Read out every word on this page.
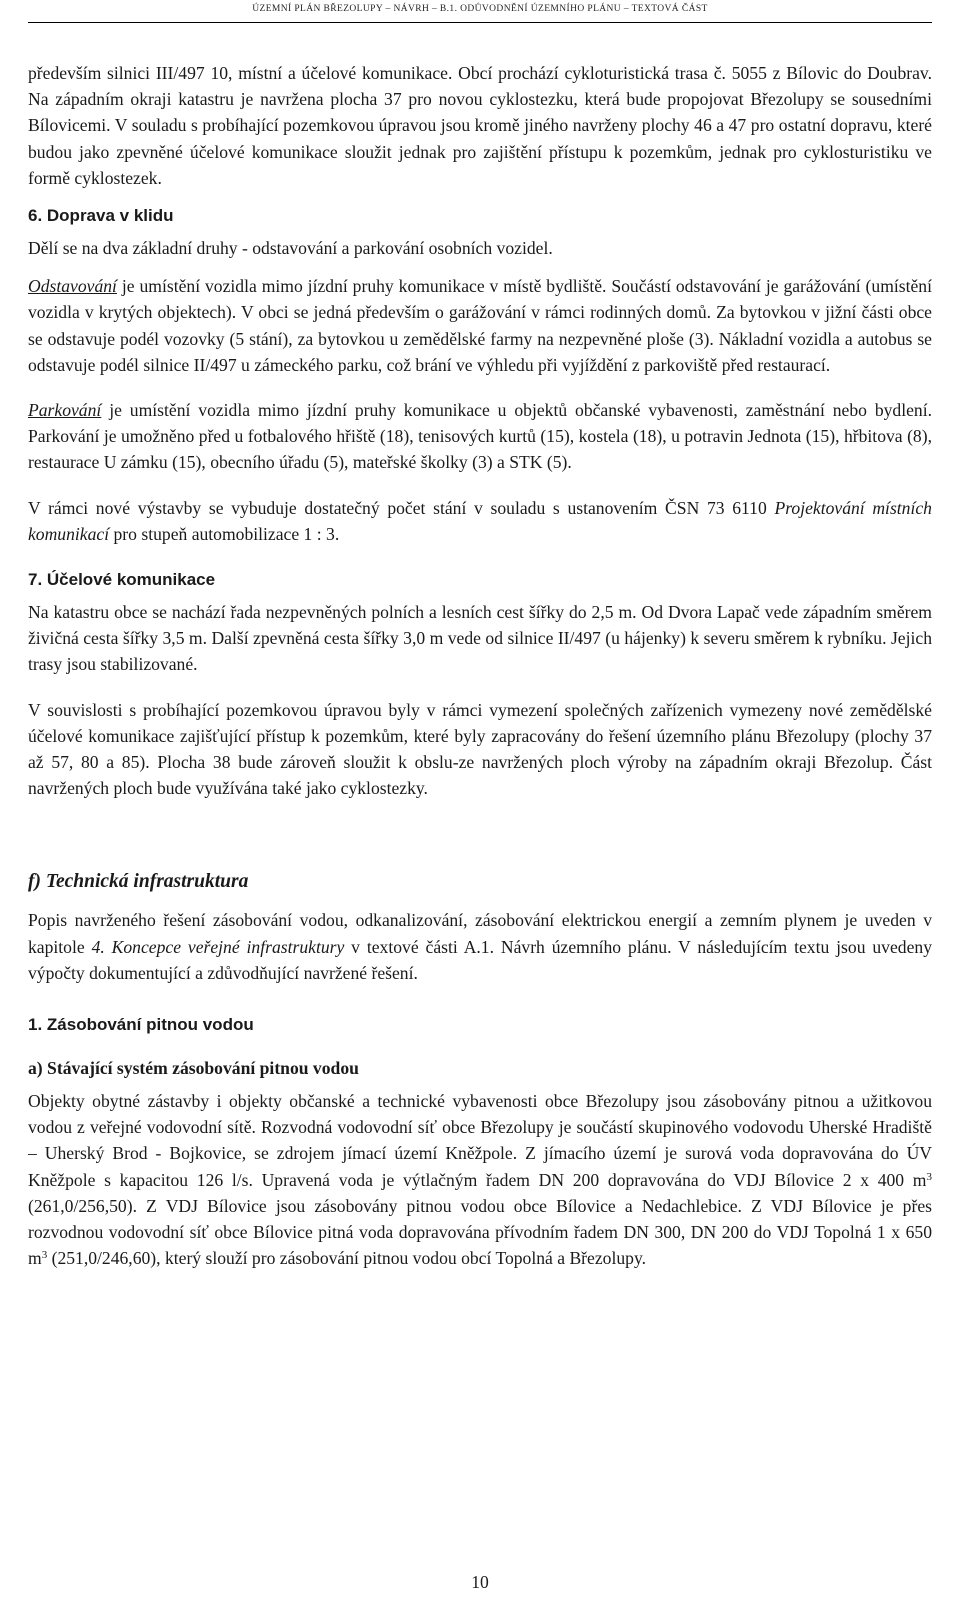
ÚZEMNÍ PLÁN BŘEZOLUPY – NÁVRH – B.1. ODŮVODNĚNÍ ÚZEMNÍHO PLÁNU – TEXTOVÁ ČÁST

především silnici III/497 10, místní a účelové komunikace. Obcí prochází cykloturistická trasa č. 5055 z Bílovic do Doubrav. Na západním okraji katastru je navržena plocha 37 pro novou cyklostezku, která bude propojovat Březolupy se sousedními Bílovicemi. V souladu s probíhající pozemkovou úpravou jsou kromě jiného navrženy plochy 46 a 47 pro ostatní dopravu, které budou jako zpevněné účelové komunikace sloužit jednak pro zajištění přístupu k pozemkům, jednak pro cyklosturistiku ve formě cyklostezek.

6. Doprava v klidu

Dělí se na dva základní druhy - odstavování a parkování osobních vozidel.

Odstavování je umístění vozidla mimo jízdní pruhy komunikace v místě bydliště. Součástí odstavování je garážování (umístění vozidla v krytých objektech). V obci se jedná především o garážování v rámci rodinných domů. Za bytovkou v jižní části obce se odstavuje podél vozovky (5 stání), za bytovkou u zemědělské farmy na nezpevněné ploše (3). Nákladní vozidla a autobus se odstavuje podél silnice II/497 u zámeckého parku, což brání ve výhledu při vyjíždění z parkoviště před restaurací.

Parkování je umístění vozidla mimo jízdní pruhy komunikace u objektů občanské vybavenosti, zaměstnání nebo bydlení. Parkování je umožněno před u fotbalového hřiště (18), tenisových kurtů (15), kostela (18), u potravin Jednota (15), hřbitova (8), restaurace U zámku (15), obecního úřadu (5), mateřské školky (3) a STK (5).

V rámci nové výstavby se vybuduje dostatečný počet stání v souladu s ustanovením ČSN 73 6110 Projektování místních komunikací pro stupeň automobilizace 1 : 3.

7. Účelové komunikace

Na katastru obce se nachází řada nezpevněných polních a lesních cest šířky do 2,5 m. Od Dvora Lapač vede západním směrem živičná cesta šířky 3,5 m. Další zpevněná cesta šířky 3,0 m vede od silnice II/497 (u hájenky) k severu směrem k rybníku. Jejich trasy jsou stabilizované.

V souvislosti s probíhající pozemkovou úpravou byly v rámci vymezení společných zařízenich vymezeny nové zemědělské účelové komunikace zajišťující přístup k pozemkům, které byly zapracovány do řešení územního plánu Březolupy (plochy 37 až 57, 80 a 85). Plocha 38 bude zároveň sloužit k obslu-ze navržených ploch výroby na západním okraji Březolup. Část navržených ploch bude využívána také jako cyklostezky.

f) Technická infrastruktura

Popis navrženého řešení zásobování vodou, odkanalizování, zásobování elektrickou energií a zemním plynem je uveden v kapitole 4. Koncepce veřejné infrastruktury v textové části A.1. Návrh územního plánu. V následujícím textu jsou uvedeny výpočty dokumentující a zdůvodňující navržené řešení.

1. Zásobování pitnou vodou
a) Stávající systém zásobování pitnou vodou

Objekty obytné zástavby i objekty občanské a technické vybavenosti obce Březolupy jsou zásobovány pitnou a užitkovou vodou z veřejné vodovodní sítě. Rozvodná vodovodní síť obce Březolupy je součástí skupinového vodovodu Uherské Hradiště – Uherský Brod - Bojkovice, se zdrojem jímací území Kněžpole. Z jímacího území je surová voda dopravována do ÚV Kněžpole s kapacitou 126 l/s. Upravená voda je výtlačným řadem DN 200 dopravována do VDJ Bílovice 2 x 400 $m^3$ (261,0/256,50). Z VDJ Bílovice jsou zásobovány pitnou vodou obce Bílovice a Nedachlebice. Z VDJ Bílovice je přes rozvodnou vodovodní síť obce Bílovice pitná voda dopravována přívodním řadem DN 300, DN 200 do VDJ Topolná 1 x 650 $m^3$ (251,0/246,60), který slouží pro zásobování pitnou vodou obcí Topolná a Březolupy.

10
